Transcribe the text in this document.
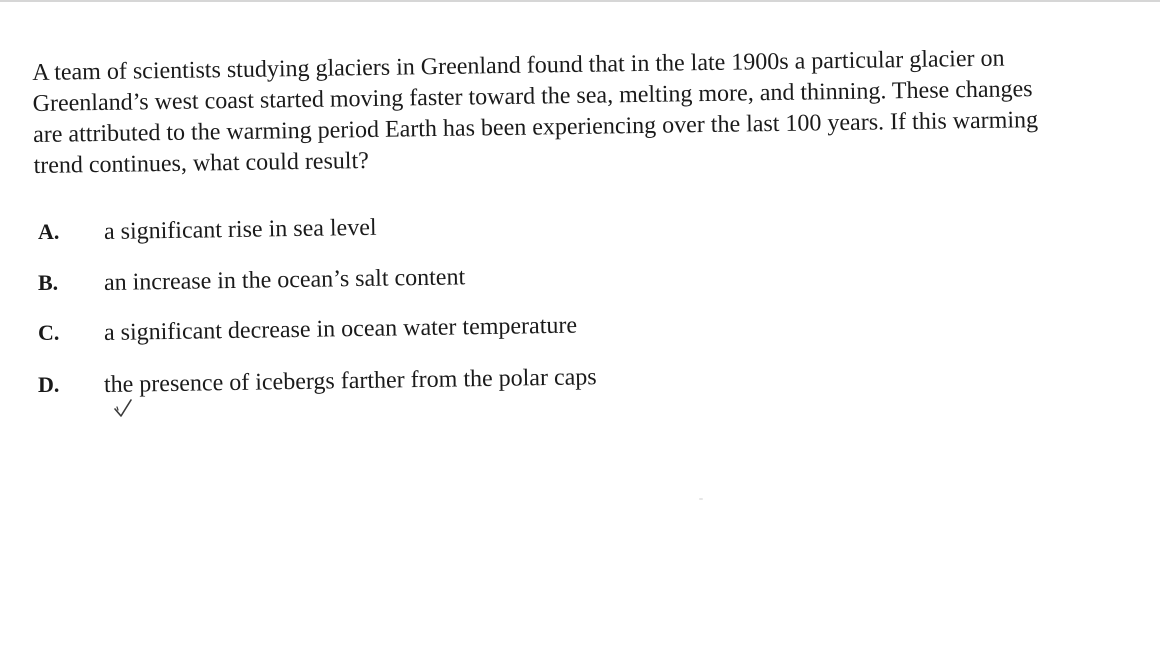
A team of scientists studying glaciers in Greenland found that in the late 1900s a particular glacier on
Greenland’s west coast started moving faster toward the sea, melting more, and thinning. These changes
are attributed to the warming period Earth has been experiencing over the last 100 years. If this warming
trend continues, what could result?

A. a significant rise in sea level
B. an increase in the ocean’s salt content
C. a significant decrease in ocean water temperature
D. the presence of icebergs farther from the polar caps
